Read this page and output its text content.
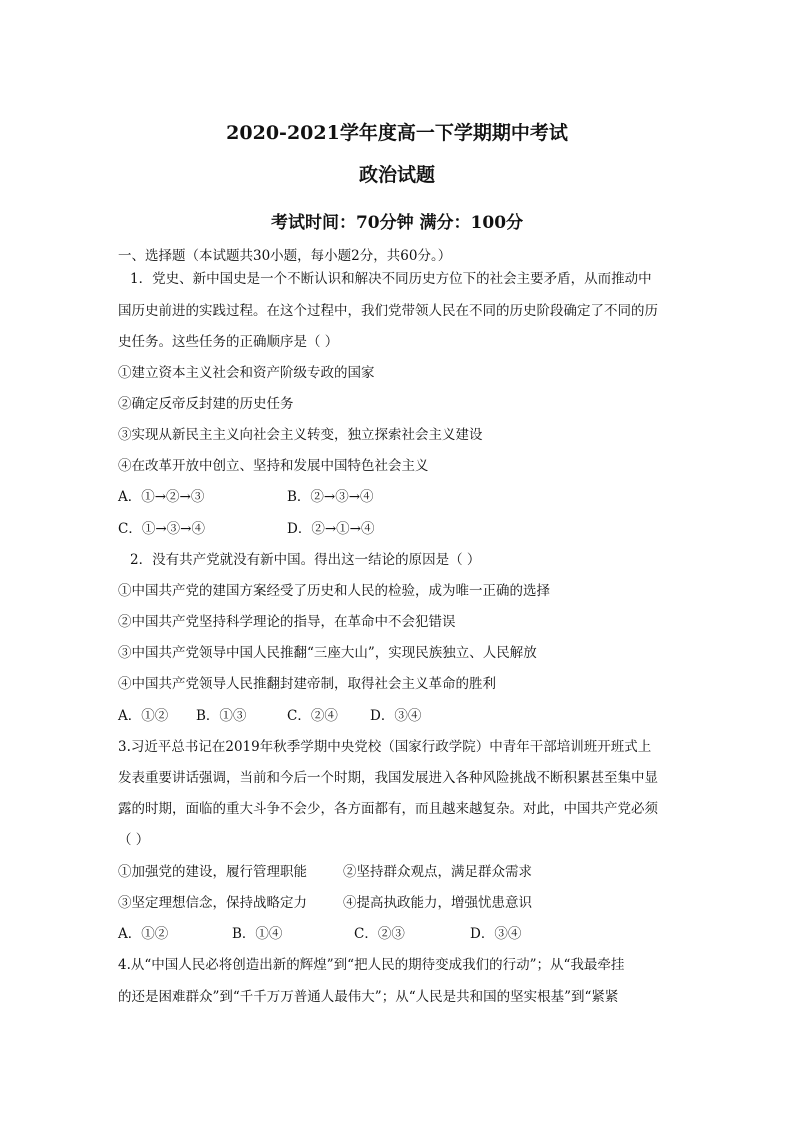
2020-2021学年度高一下学期期中考试
政治试题
考试时间：70分钟 满分：100分
一、选择题（本试题共30小题，每小题2分，共60分。）
1．党史、新中国史是一个不断认识和解决不同历史方位下的社会主要矛盾，从而推动中
国历史前进的实践过程。在这个过程中，我们党带领人民在不同的历史阶段确定了不同的历
史任务。这些任务的正确顺序是（ ）
①建立资本主义社会和资产阶级专政的国家
②确定反帝反封建的历史任务
③实现从新民主主义向社会主义转变，独立探索社会主义建设
④在改革开放中创立、坚持和发展中国特色社会主义
A．①→②→③	B．②→③→④
C．①→③→④	D．②→①→④
2．没有共产党就没有新中国。得出这一结论的原因是（ ）
①中国共产党的建国方案经受了历史和人民的检验，成为唯一正确的选择
②中国共产党坚持科学理论的指导，在革命中不会犯错误
③中国共产党领导中国人民推翻“三座大山”，实现民族独立、人民解放
④中国共产党领导人民推翻封建帝制，取得社会主义革命的胜利
A．①② B．①③	C．②④ D．③④
3.习近平总书记在2019年秋季学期中央党校（国家行政学院）中青年干部培训班开班式上
发表重要讲话强调，当前和今后一个时期，我国发展进入各种风险挑战不断积累甚至集中显
露的时期，面临的重大斗争不会少，各方面都有，而且越来越复杂。对此，中国共产党必须
（ ）
①加强党的建设，履行管理职能	②坚持群众观点，满足群众需求
③坚定理想信念，保持战略定力	④提高执政能力，增强忧患意识
A．①②	B．①④	C．②③	D．③④
4.从“中国人民必将创造出新的辉煌”到“把人民的期待变成我们的行动”；从“我最牵挂
的还是困难群众”到“千千万万普通人最伟大”；从“人民是共和国的坚实根基”到“紧紧
